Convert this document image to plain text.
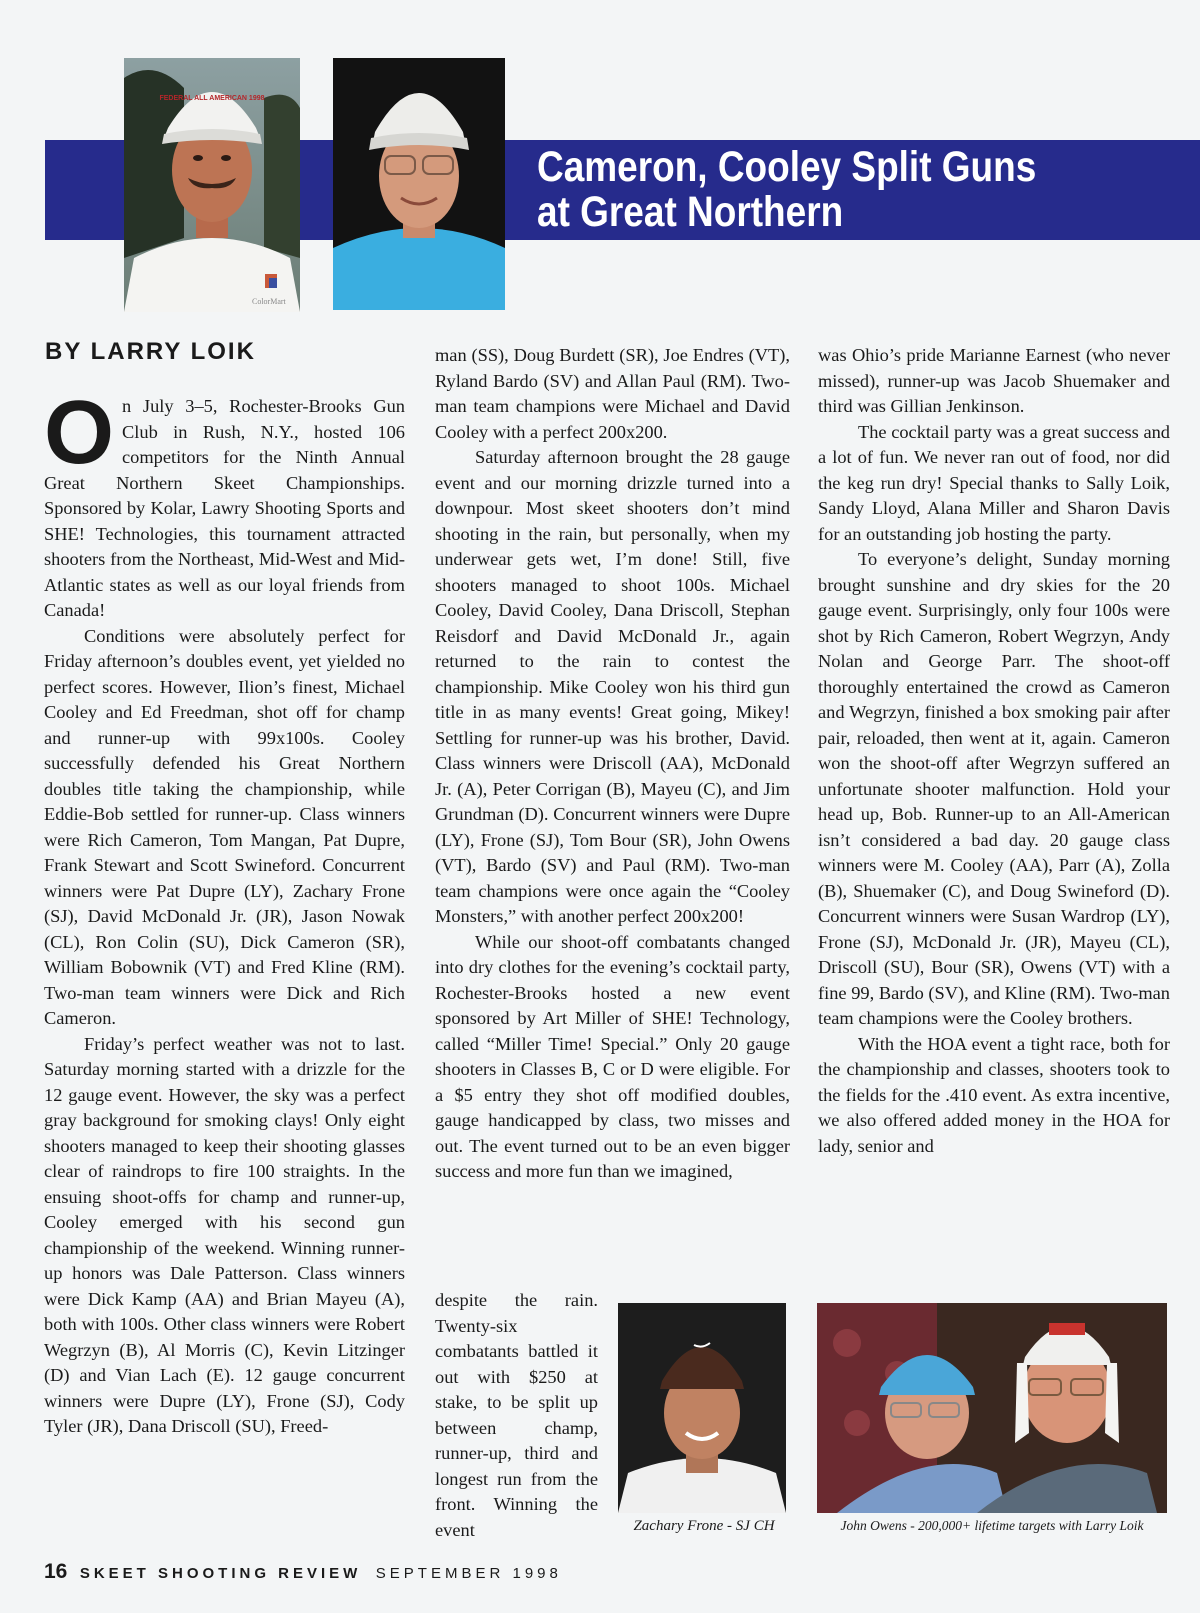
Cameron, Cooley Split Guns
at Great Northern
FEDERAL ALL AMERICAN 1998
ColorMart
BY LARRY LOIK

O n July 3–5, Rochester-Brooks Gun Club in Rush, N.Y., hosted 106 competitors for the Ninth Annual Great Northern Skeet Championships. Sponsored by Kolar, Lawry Shooting Sports and SHE! Technologies, this tournament attracted shooters from the Northeast, Mid-West and Mid-Atlantic states as well as our loyal friends from Canada!

Conditions were absolutely perfect for Friday afternoon’s doubles event, yet yielded no perfect scores. However, Ilion’s finest, Michael Cooley and Ed Freedman, shot off for champ and runner-up with 99x100s. Cooley successfully defended his Great Northern doubles title taking the championship, while Eddie-Bob settled for runner-up. Class winners were Rich Cameron, Tom Mangan, Pat Dupre, Frank Stewart and Scott Swineford. Concurrent winners were Pat Dupre (LY), Zachary Frone (SJ), David McDonald Jr. (JR), Jason Nowak (CL), Ron Colin (SU), Dick Cameron (SR), William Bobownik (VT) and Fred Kline (RM). Two-man team winners were Dick and Rich Cameron.

Friday’s perfect weather was not to last. Saturday morning started with a drizzle for the 12 gauge event. However, the sky was a perfect gray background for smoking clays! Only eight shooters managed to keep their shooting glasses clear of raindrops to fire 100 straights. In the ensuing shoot-offs for champ and runner-up, Cooley emerged with his second gun championship of the weekend. Winning runner-up honors was Dale Patterson. Class winners were Dick Kamp (AA) and Brian Mayeu (A), both with 100s. Other class winners were Robert Wegrzyn (B), Al Morris (C), Kevin Litzinger (D) and Vian Lach (E). 12 gauge concurrent winners were Dupre (LY), Frone (SJ), Cody Tyler (JR), Dana Driscoll (SU), Freed-

man (SS), Doug Burdett (SR), Joe Endres (VT), Ryland Bardo (SV) and Allan Paul (RM). Two-man team champions were Michael and David Cooley with a perfect 200x200.

Saturday afternoon brought the 28 gauge event and our morning drizzle turned into a downpour. Most skeet shooters don’t mind shooting in the rain, but personally, when my underwear gets wet, I’m done! Still, five shooters managed to shoot 100s. Michael Cooley, David Cooley, Dana Driscoll, Stephan Reisdorf and David McDonald Jr., again returned to the rain to contest the championship. Mike Cooley won his third gun title in as many events! Great going, Mikey! Settling for runner-up was his brother, David. Class winners were Driscoll (AA), McDonald Jr. (A), Peter Corrigan (B), Mayeu (C), and Jim Grundman (D). Concurrent winners were Dupre (LY), Frone (SJ), Tom Bour (SR), John Owens (VT), Bardo (SV) and Paul (RM). Two-man team champions were once again the “Cooley Monsters,” with another perfect 200x200!

While our shoot-off combatants changed into dry clothes for the evening’s cocktail party, Rochester-Brooks hosted a new event sponsored by Art Miller of SHE! Technology, called “Miller Time! Special.” Only 20 gauge shooters in Classes B, C or D were eligible. For a $5 entry they shot off modified doubles, gauge handicapped by class, two misses and out. The event turned out to be an even bigger success and more fun than we imagined,

despite the rain. Twenty-six combatants battled it out with $250 at stake, to be split up between champ, runner-up, third and longest run from the front. Winning the event

was Ohio’s pride Marianne Earnest (who never missed), runner-up was Jacob Shuemaker and third was Gillian Jenkinson.

The cocktail party was a great success and a lot of fun. We never ran out of food, nor did the keg run dry! Special thanks to Sally Loik, Sandy Lloyd, Alana Miller and Sharon Davis for an outstanding job hosting the party.

To everyone’s delight, Sunday morning brought sunshine and dry skies for the 20 gauge event. Surprisingly, only four 100s were shot by Rich Cameron, Robert Wegrzyn, Andy Nolan and George Parr. The shoot-off thoroughly entertained the crowd as Cameron and Wegrzyn, finished a box smoking pair after pair, reloaded, then went at it, again. Cameron won the shoot-off after Wegrzyn suffered an unfortunate shooter malfunction. Hold your head up, Bob. Runner-up to an All-American isn’t considered a bad day. 20 gauge class winners were M. Cooley (AA), Parr (A), Zolla (B), Shuemaker (C), and Doug Swineford (D). Concurrent winners were Susan Wardrop (LY), Frone (SJ), McDonald Jr. (JR), Mayeu (CL), Driscoll (SU), Bour (SR), Owens (VT) with a fine 99, Bardo (SV), and Kline (RM). Two-man team champions were the Cooley brothers.

With the HOA event a tight race, both for the championship and classes, shooters took to the fields for the .410 event. As extra incentive, we also offered added money in the HOA for lady, senior and

Zachary Frone - SJ CH	John Owens - 200,000+ lifetime targets with Larry Loik
16 SKEET SHOOTING REVIEW SEPTEMBER 1998
